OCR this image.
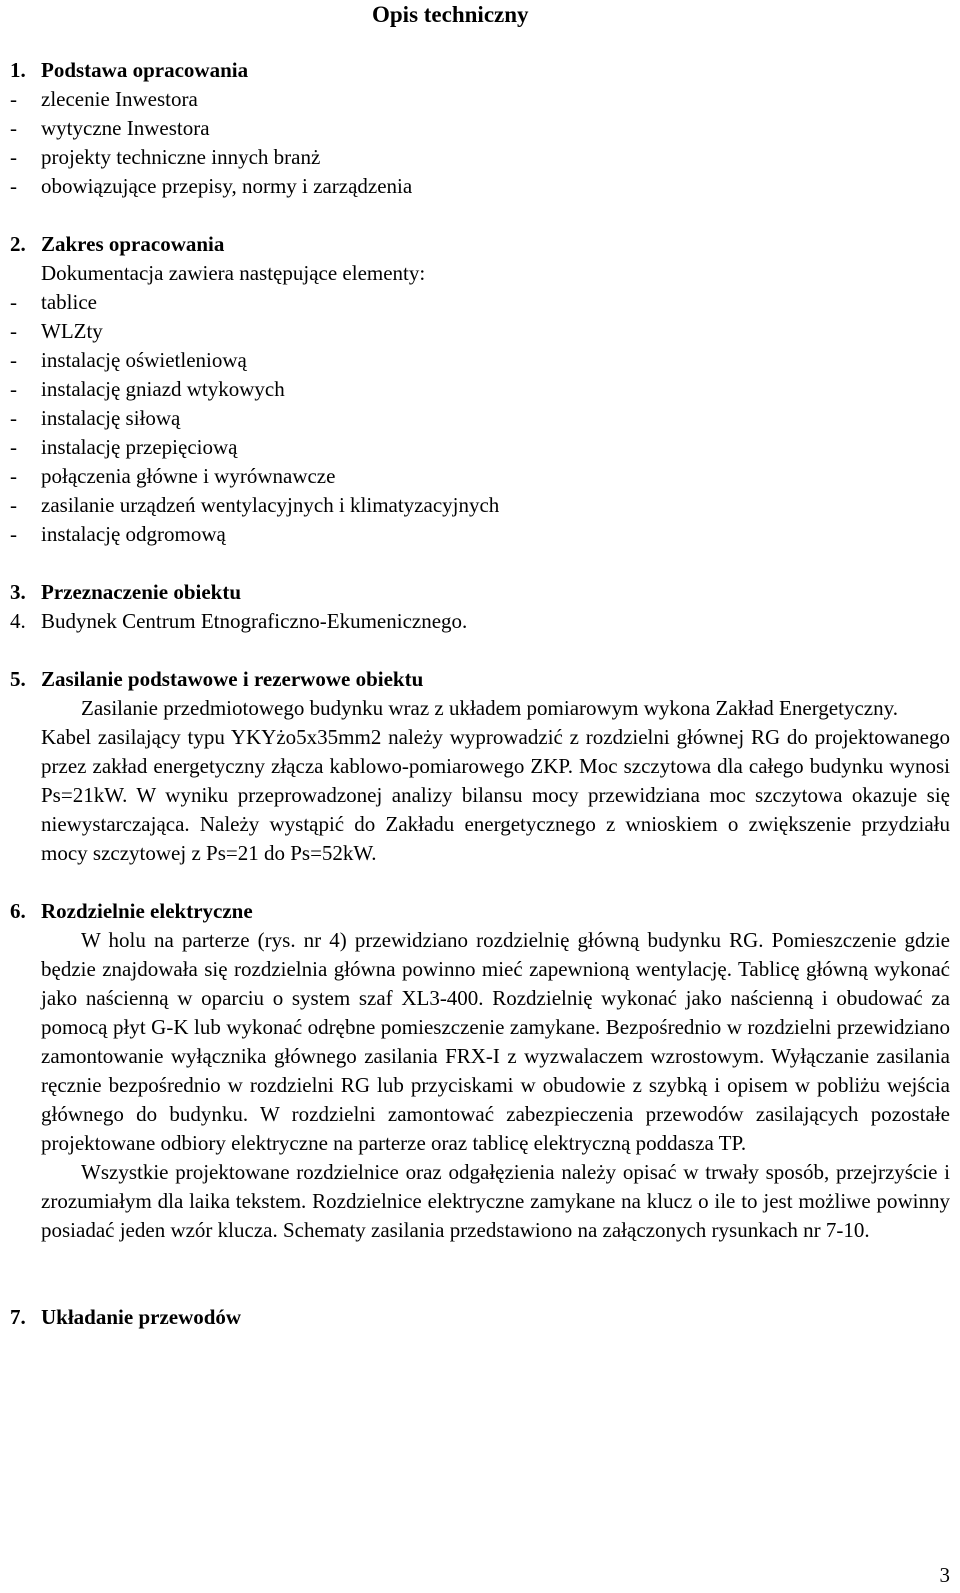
Opis techniczny
1. Podstawa opracowania
-	zlecenie Inwestora
-	wytyczne Inwestora
-	projekty techniczne innych branż
-	obowiązujące przepisy, normy i zarządzenia
2. Zakres opracowania
Dokumentacja zawiera następujące elementy:
-	tablice
-	WLZty
-	instalację oświetleniową
-	instalację gniazd wtykowych
-	instalację siłową
-	instalację przepięciową
-	połączenia główne i wyrównawcze
-	zasilanie urządzeń wentylacyjnych i klimatyzacyjnych
-	instalację odgromową
3. Przeznaczenie obiektu
4. Budynek Centrum Etnograficzno-Ekumenicznego.
5. Zasilanie podstawowe i rezerwowe obiektu

Zasilanie przedmiotowego budynku wraz z układem pomiarowym wykona Zakład Energetyczny.

Kabel zasilający typu YKYżo5x35mm2 należy wyprowadzić z rozdzielni głównej RG do projektowanego przez zakład energetyczny złącza kablowo-pomiarowego ZKP. Moc szczytowa dla całego budynku wynosi Ps=21kW. W wyniku przeprowadzonej analizy bilansu mocy przewidziana moc szczytowa okazuje się niewystarczająca. Należy wystąpić do Zakładu energetycznego z wnioskiem o zwiększenie przydziału mocy szczytowej z Ps=21 do Ps=52kW.

6. Rozdzielnie elektryczne

W holu na parterze (rys. nr 4) przewidziano rozdzielnię główną budynku RG. Pomieszczenie gdzie będzie znajdowała się rozdzielnia główna powinno mieć zapewnioną wentylację. Tablicę główną wykonać jako naścienną w oparciu o system szaf XL3-400. Rozdzielnię wykonać jako naścienną i obudować za pomocą płyt G-K lub wykonać odrębne pomieszczenie zamykane. Bezpośrednio w rozdzielni przewidziano zamontowanie wyłącznika głównego zasilania FRX-I z wyzwalaczem wzrostowym. Wyłączanie zasilania ręcznie bezpośrednio w rozdzielni RG lub przyciskami w obudowie z szybką i opisem w pobliżu wejścia głównego do budynku. W rozdzielni zamontować zabezpieczenia przewodów zasilających pozostałe projektowane odbiory elektryczne na parterze oraz tablicę elektryczną poddasza TP.

Wszystkie projektowane rozdzielnice oraz odgałęzienia należy opisać w trwały sposób, przejrzyście i zrozumiałym dla laika tekstem. Rozdzielnice elektryczne zamykane na klucz o ile to jest możliwe powinny posiadać jeden wzór klucza. Schematy zasilania przedstawiono na załączonych rysunkach nr 7-10.

7. Układanie przewodów
3
